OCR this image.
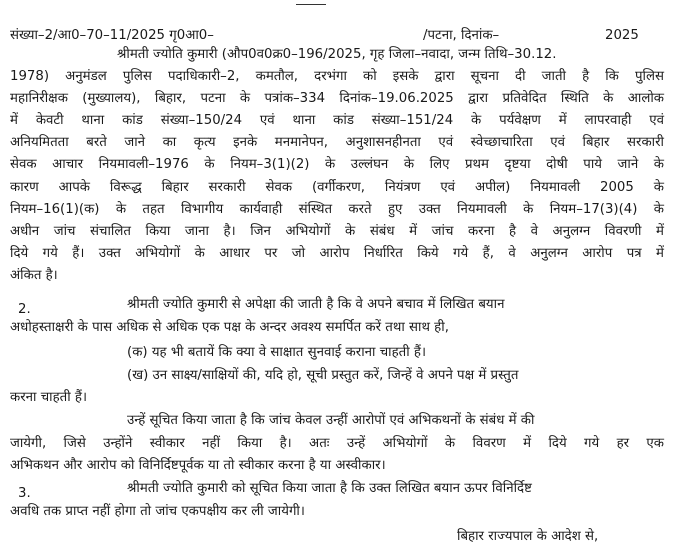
संख्या–2/आ0–70–11/2025 गृ0आ0–	/पटना, दिनांक–	2025
श्रीमती ज्योति कुमारी (औप0व0क्र0–196/2025, गृह जिला–नवादा, जन्म तिथि–30.12.
1978) अनुमंडल पुलिस पदाधिकारी–2, कमतौल, दरभंगा को इसके द्वारा सूचना दी जाती है कि पुलिस
महानिरीक्षक (मुख्यालय), बिहार, पटना के पत्रांक–334 दिनांक–19.06.2025 द्वारा प्रतिवेदित स्थिति के आलोक
में केवटी थाना कांड संख्या–150/24 एवं थाना कांड संख्या–151/24 के पर्यवेक्षण में लापरवाही एवं
अनियमितता बरते जाने का कृत्य इनके मनमानेपन, अनुशासनहीनता एवं स्वेच्छाचारिता एवं बिहार सरकारी
सेवक आचार नियमावली–1976 के नियम–3(1)(2) के उल्लंघन के लिए प्रथम दृष्टया दोषी पाये जाने के
कारण आपके विरूद्ध बिहार सरकारी सेवक (वर्गीकरण, नियंत्रण एवं अपील) नियमावली 2005 के
नियम–16(1)(क) के तहत विभागीय कार्यवाही संस्थित करते हुए उक्त नियमावली के नियम–17(3)(4) के
अधीन जांच संचालित किया जाना है। जिन अभियोगों के संबंध में जांच करना है वे अनुलग्न विवरणी में
दिये गये हैं। उक्त अभियोगों के आधार पर जो आरोप निर्धारित किये गये हैं, वे अनुलग्न आरोप पत्र में
अंकित है।
2.	श्रीमती ज्योति कुमारी से अपेक्षा की जाती है कि वे अपने बचाव में लिखित बयान
अधोहस्ताक्षरी के पास अधिक से अधिक एक पक्ष के अन्दर अवश्य समर्पित करें तथा साथ ही,
(क) यह भी बतायें कि क्या वे साक्षात सुनवाई कराना चाहती हैं।
(ख) उन साक्ष्य/साक्षियों की, यदि हो, सूची प्रस्तुत करें, जिन्हें वे अपने पक्ष में प्रस्तुत
करना चाहती हैं।
उन्हें सूचित किया जाता है कि जांच केवल उन्हीं आरोपों एवं अभिकथनों के संबंध में की
जायेगी, जिसे उन्होंने स्वीकार नहीं किया है। अतः उन्हें अभियोगों के विवरण में दिये गये हर एक
अभिकथन और आरोप को विनिर्दिष्टपूर्वक या तो स्वीकार करना है या अस्वीकार।
3.	श्रीमती ज्योति कुमारी को सूचित किया जाता है कि उक्त लिखित बयान ऊपर विनिर्दिष्ट
अवधि तक प्राप्त नहीं होगा तो जांच एकपक्षीय कर ली जायेगी।
बिहार राज्यपाल के आदेश से,
